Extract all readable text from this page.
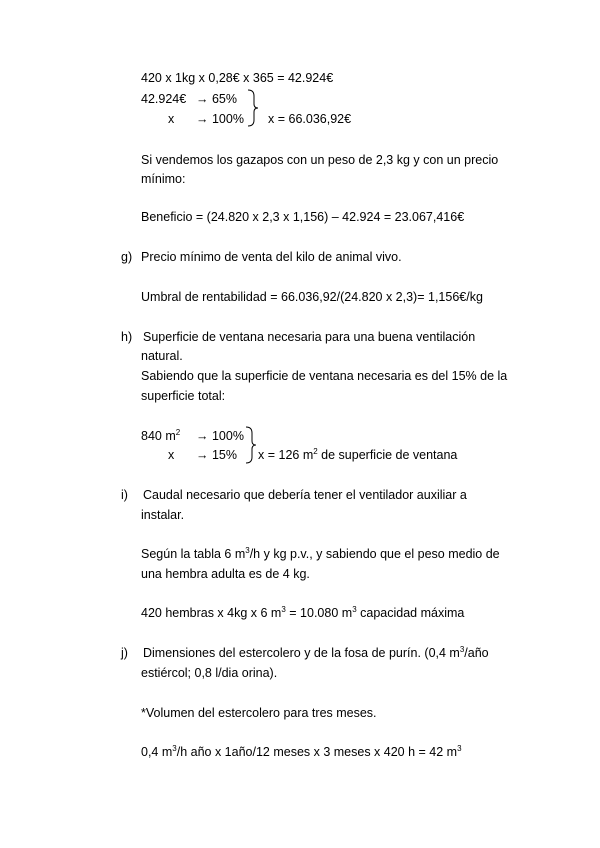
420 x 1kg x 0,28€ x 365 = 42.924€
42.924€ → 65%
x → 100% x = 66.036,92€
Si vendemos los gazapos con un peso de 2,3 kg y con un precio
mínimo:
Beneficio = (24.820 x 2,3 x 1,156) – 42.924 = 23.067,416€
g) Precio mínimo de venta del kilo de animal vivo.
Umbral de rentabilidad = 66.036,92/(24.820 x 2,3)= 1,156€/kg
h) Superficie de ventana necesaria para una buena ventilación
natural.
Sabiendo que la superficie de ventana necesaria es del 15% de la
superficie total:
840 $m^2 \to 100\%$
x → 15% x = 126 $m^2$ de superficie de ventana
i) Caudal necesario que debería tener el ventilador auxiliar a
instalar.
Según la tabla 6 $m^3/h$ y kg p.v., y sabiendo que el peso medio de
una hembra adulta es de 4 kg.
420 hembras x 4kg x 6 $m^3 = 10.080$ $m^3$ capacidad máxima
j) Dimensiones del estercolero y de la fosa de purín. (0,4 $m^3$/año
estiércol; 0,8 l/dia orina).
*Volumen del estercolero para tres meses.
0,4 $m^3/h$ año x 1año/12 meses x 3 meses x 420 h = 42 $m^3$
